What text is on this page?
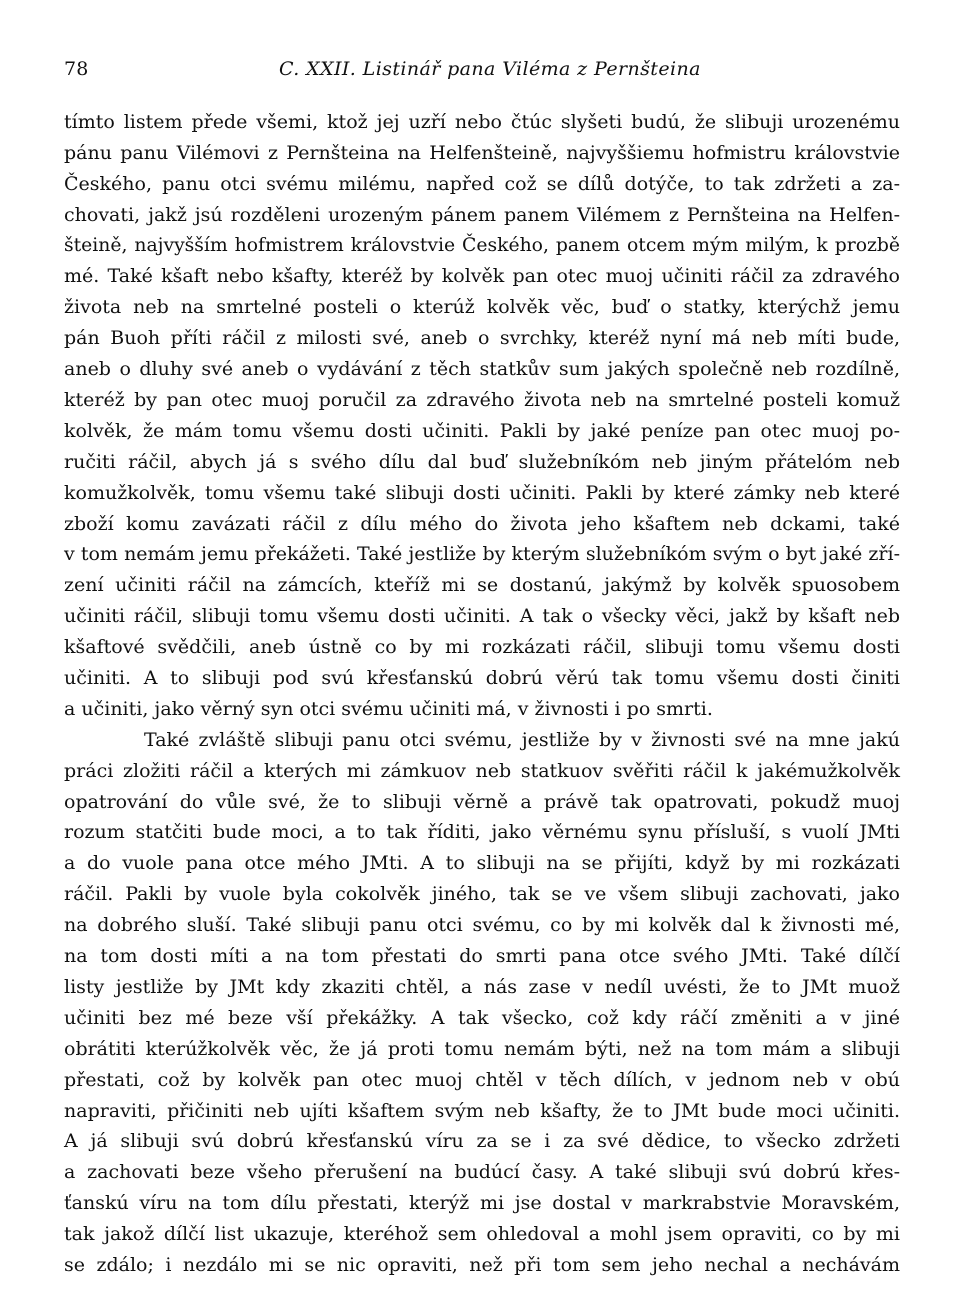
78	C. XXII. Listinář pana Viléma z Pernšteina
tímto listem přede všemi, ktož jej uzří nebo čtúc slyšeti budú, že slibuji urozenému
pánu panu Vilémovi z Pernšteina na Helfenšteině, najvyššiemu hofmistru královstvie
Českého, panu otci svému milému, napřed což se dílů dotýče, to tak zdržeti a za-
chovati, jakž jsú rozděleni urozeným pánem panem Vilémem z Pernšteina na Helfen-
šteině, najvyšším hofmistrem královstvie Českého, panem otcem mým milým, k prozbě
mé. Také kšaft nebo kšafty, kteréž by kolvěk pan otec muoj učiniti ráčil za zdravého
života neb na smrtelné posteli o kterúž kolvěk věc, buď o statky, kterýchž jemu
pán Buoh příti ráčil z milosti své, aneb o svrchky, kteréž nyní má neb míti bude,
aneb o dluhy své aneb o vydávání z těch statkův sum jakých společně neb rozdílně,
kteréž by pan otec muoj poručil za zdravého života neb na smrtelné posteli komuž
kolvěk, že mám tomu všemu dosti učiniti. Pakli by jaké peníze pan otec muoj po-
ručiti ráčil, abych já s svého dílu dal buď služebníkóm neb jiným přátelóm neb
komužkolvěk, tomu všemu také slibuji dosti učiniti. Pakli by které zámky neb které
zboží komu zavázati ráčil z dílu mého do života jeho kšaftem neb dckami, také
v tom nemám jemu překážeti. Také jestliže by kterým služebníkóm svým o byt jaké zří-
zení učiniti ráčil na zámcích, kteříž mi se dostanú, jakýmž by kolvěk spuosobem
učiniti ráčil, slibuji tomu všemu dosti učiniti. A tak o všecky věci, jakž by kšaft neb
kšaftové svědčili, aneb ústně co by mi rozkázati ráčil, slibuji tomu všemu dosti
učiniti. A to slibuji pod svú křesťanskú dobrú věrú tak tomu všemu dosti činiti
a učiniti, jako věrný syn otci svému učiniti má, v živnosti i po smrti.
Také zvláště slibuji panu otci svému, jestliže by v živnosti své na mne jakú
práci zložiti ráčil a kterých mi zámkuov neb statkuov svěřiti ráčil k jakémužkolvěk
opatrování do vůle své, že to slibuji věrně a právě tak opatrovati, pokudž muoj
rozum statčiti bude moci, a to tak říditi, jako věrnému synu přísluší, s vuolí JMti
a do vuole pana otce mého JMti. A to slibuji na se přijíti, když by mi rozkázati
ráčil. Pakli by vuole byla cokolvěk jiného, tak se ve všem slibuji zachovati, jako
na dobrého sluší. Také slibuji panu otci svému, co by mi kolvěk dal k živnosti mé,
na tom dosti míti a na tom přestati do smrti pana otce svého JMti. Také dílčí
listy jestliže by JMt kdy zkaziti chtěl, a nás zase v nedíl uvésti, že to JMt muož
učiniti bez mé beze vší překážky. A tak všecko, což kdy ráčí změniti a v jiné
obrátiti kterúžkolvěk věc, že já proti tomu nemám býti, než na tom mám a slibuji
přestati, což by kolvěk pan otec muoj chtěl v těch dílích, v jednom neb v obú
napraviti, přičiniti neb ujíti kšaftem svým neb kšafty, že to JMt bude moci učiniti.
A já slibuji svú dobrú křesťanskú víru za se i za své dědice, to všecko zdržeti
a zachovati beze všeho přerušení na budúcí časy. A také slibuji svú dobrú křes-
ťanskú víru na tom dílu přestati, kterýž mi jse dostal v markrabstvie Moravském,
tak jakož dílčí list ukazuje, kteréhož sem ohledoval a mohl jsem opraviti, co by mi
se zdálo; i nezdálo mi se nic opraviti, než při tom sem jeho nechal a nechávám
